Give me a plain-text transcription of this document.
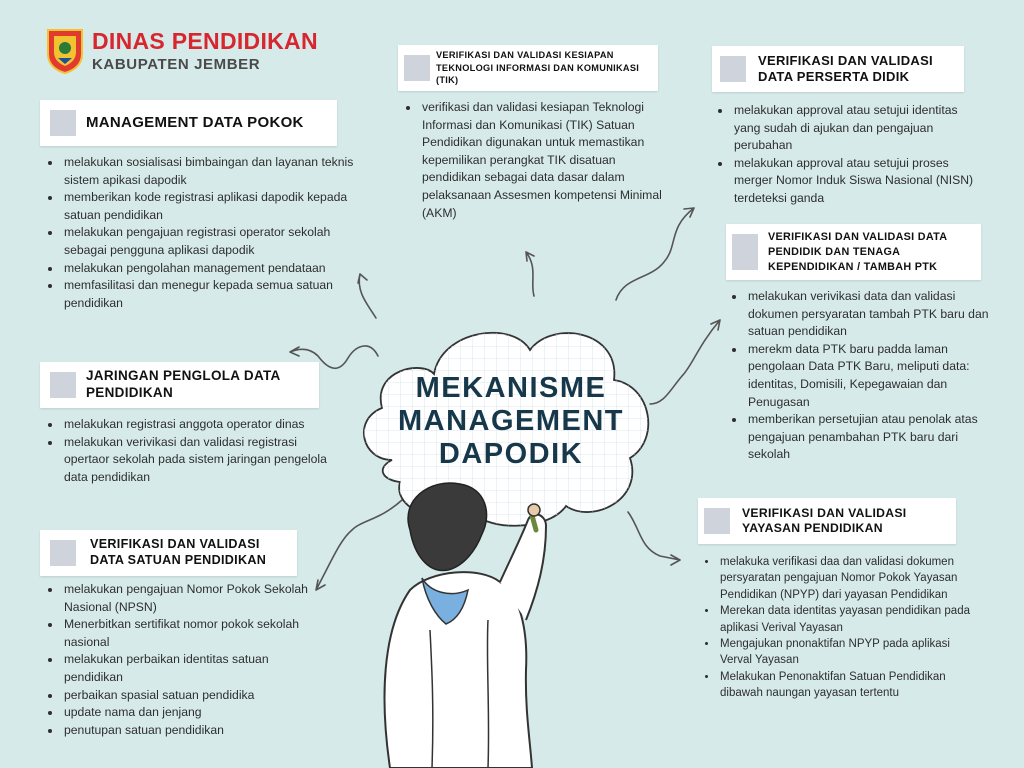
DINAS PENDIDIKAN
KABUPATEN JEMBER
MANAGEMENT DATA POKOK
• melakukan sosialisasi bimbaingan dan layanan teknis sistem apikasi dapodik
• memberikan kode registrasi aplikasi dapodik kepada satuan pendidikan
• melakukan pengajuan registrasi operator sekolah sebagai pengguna aplikasi dapodik
• melakukan pengolahan management pendataan
• memfasilitasi dan menegur kepada semua satuan pendidikan
JARINGAN PENGLOLA DATA PENDIDIKAN
• melakukan registrasi anggota operator dinas
• melakukan verivikasi dan validasi registrasi opertaor sekolah pada sistem jaringan pengelola data pendidikan
VERIFIKASI DAN VALIDASI DATA SATUAN PENDIDIKAN
• melakukan pengajuan Nomor Pokok Sekolah Nasional (NPSN)
• Menerbitkan sertifikat nomor pokok sekolah nasional
• melakukan perbaikan identitas satuan pendidikan
• perbaikan spasial satuan pendidika
• update nama dan jenjang
• penutupan satuan pendidikan
VERIFIKASI DAN VALIDASI KESIAPAN TEKNOLOGI INFORMASI DAN KOMUNIKASI (TIK)
• verifikasi dan validasi kesiapan Teknologi Informasi dan Komunikasi (TIK) Satuan Pendidikan digunakan untuk memastikan kepemilikan perangkat TIK disatuan pendidikan sebagai data dasar dalam pelaksanaan Assesmen kompetensi Minimal (AKM)
VERIFIKASI DAN VALIDASI DATA PERSERTA DIDIK
• melakukan approval atau setujui identitas yang sudah di ajukan dan pengajuan perubahan
• melakukan approval atau setujui proses merger Nomor Induk Siswa Nasional (NISN) terdeteksi ganda
VERIFIKASI DAN VALIDASI DATA PENDIDIK DAN TENAGA KEPENDIDIKAN / TAMBAH PTK
• melakukan verivikasi data dan validasi dokumen persyaratan tambah PTK baru dan satuan pendidikan
• merekm data PTK baru padda laman pengolaan Data PTK Baru, meliputi data: identitas, Domisili, Kepegawaian dan Penugasan
• memberikan persetujian atau penolak atas pengajuan penambahan PTK baru dari sekolah
VERIFIKASI DAN VALIDASI YAYASAN PENDIDIKAN
• melakuka verifikasi daa dan validasi dokumen persyaratan pengajuan Nomor Pokok Yayasan Pendidikan (NPYP) dari yayasan Pendidikan
• Merekan data identitas yayasan pendidikan pada aplikasi Verival Yayasan
• Mengajukan pnonaktifan NPYP pada aplikasi Verval Yayasan
• Melakukan Penonaktifan Satuan Pendidikan dibawah naungan yayasan tertentu
MEKANISME
MANAGEMENT
DAPODIK
